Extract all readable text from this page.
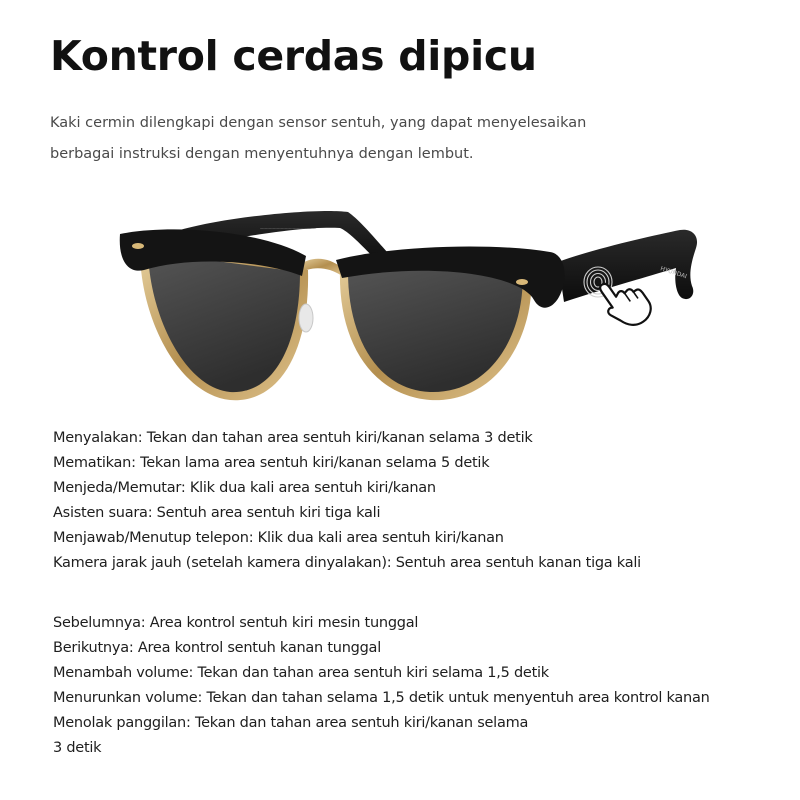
Kontrol cerdas dipicu

Kaki cermin dilengkapi dengan sensor sentuh, yang dapat menyelesaikan
berbagai instruksi dengan menyentuhnya dengan lembut.

——————————————
HYUNDAI
Menyalakan: Tekan dan tahan area sentuh kiri/kanan selama 3 detik
Mematikan: Tekan lama area sentuh kiri/kanan selama 5 detik
Menjeda/Memutar: Klik dua kali area sentuh kiri/kanan
Asisten suara: Sentuh area sentuh kiri tiga kali
Menjawab/Menutup telepon: Klik dua kali area sentuh kiri/kanan
Kamera jarak jauh (setelah kamera dinyalakan): Sentuh area sentuh kanan tiga kali
Sebelumnya: Area kontrol sentuh kiri mesin tunggal
Berikutnya: Area kontrol sentuh kanan tunggal
Menambah volume: Tekan dan tahan area sentuh kiri selama 1,5 detik
Menurunkan volume: Tekan dan tahan selama 1,5 detik untuk menyentuh area kontrol kanan
Menolak panggilan: Tekan dan tahan area sentuh kiri/kanan selama
3 detik
